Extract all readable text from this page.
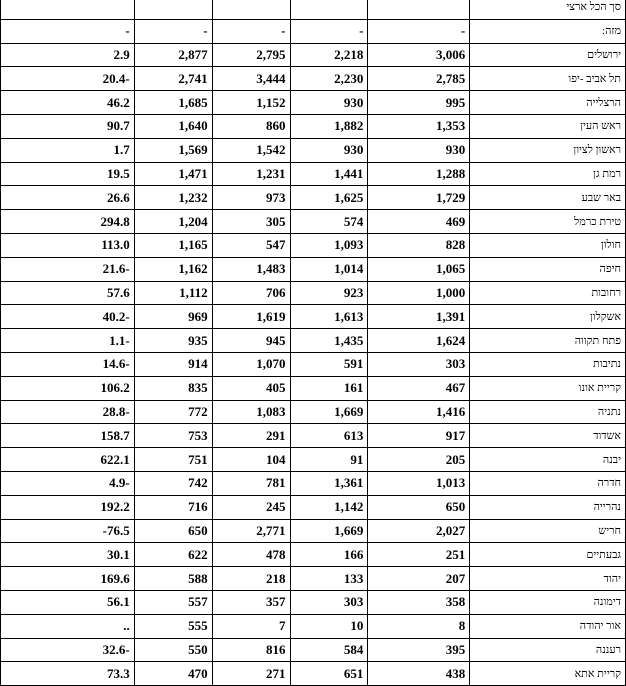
					סך הכל ארצי
-	-	-	-	-	מזה:
2.9	2,877	2,795	2,218	3,006	ירושלים
20.4-	2,741	3,444	2,230	2,785	תל אביב -יפו
46.2	1,685	1,152	930	995	הרצלייה
90.7	1,640	860	1,882	1,353	ראש העין
1.7	1,569	1,542	930	930	ראשון לציון
19.5	1,471	1,231	1,441	1,288	רמת גן
26.6	1,232	973	1,625	1,729	באר שבע
294.8	1,204	305	574	469	טירת כרמל
113.0	1,165	547	1,093	828	חולון
21.6-	1,162	1,483	1,014	1,065	חיפה
57.6	1,112	706	923	1,000	רחובות
40.2-	969	1,619	1,613	1,391	אשקלון
1.1-	935	945	1,435	1,624	פתח תקווה
14.6-	914	1,070	591	303	נתיבות
106.2	835	405	161	467	קריית אונו
28.8-	772	1,083	1,669	1,416	נתניה
158.7	753	291	613	917	אשדוד
622.1	751	104	91	205	יבנה
4.9-	742	781	1,361	1,013	חדרה
192.2	716	245	1,142	650	נהרייה
-76.5	650	2,771	1,669	2,027	חריש
30.1	622	478	166	251	גבעתיים
169.6	588	218	133	207	יהוד
56.1	557	357	303	358	דימונה
..	555	7	10	8	אור יהודה
32.6-	550	816	584	395	רעננה
73.3	470	271	651	438	קריית אתא
